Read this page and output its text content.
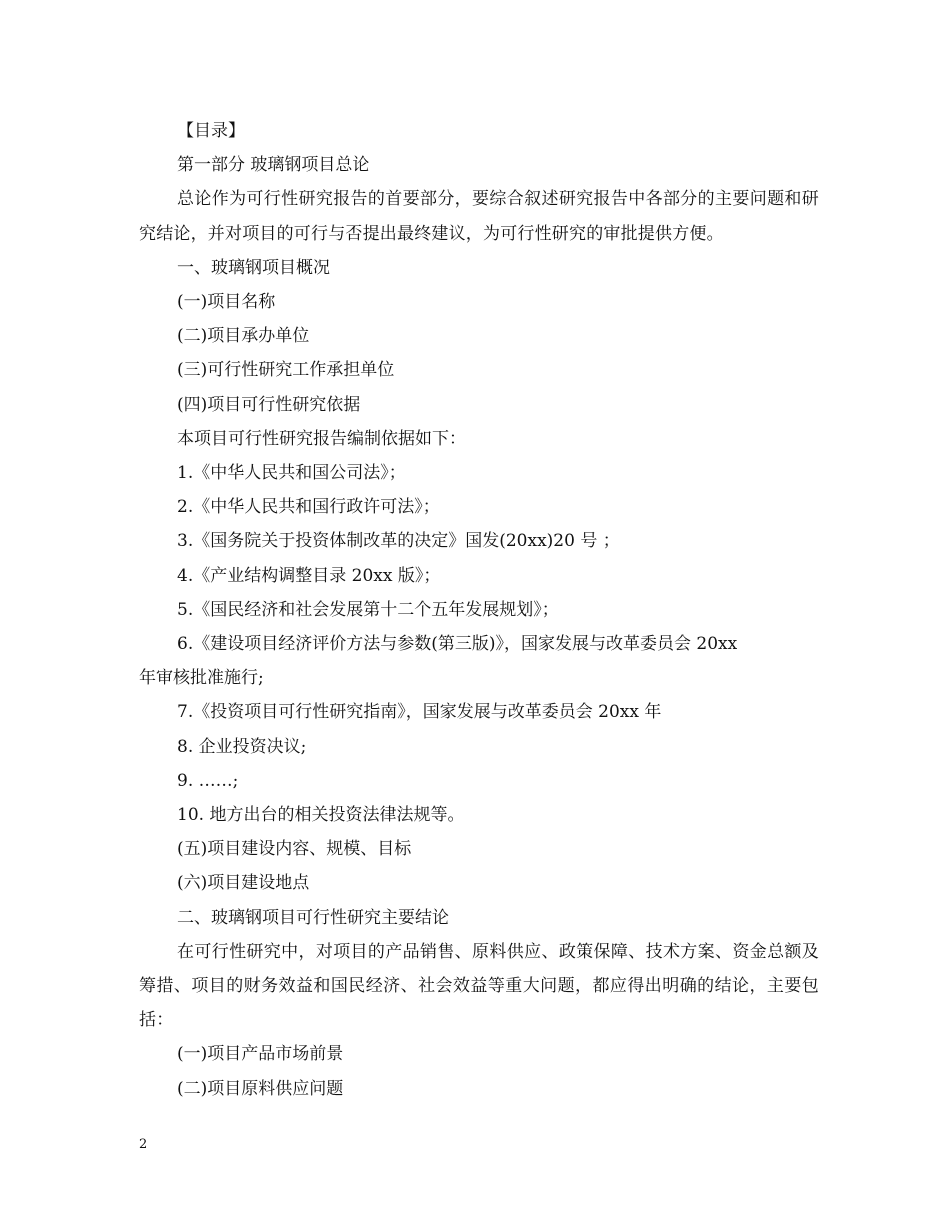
【目录】

第一部分 玻璃钢项目总论

总论作为可行性研究报告的首要部分，要综合叙述研究报告中各部分的主要问题和研究结论，并对项目的可行与否提出最终建议，为可行性研究的审批提供方便。

一、玻璃钢项目概况

(一)项目名称

(二)项目承办单位

(三)可行性研究工作承担单位

(四)项目可行性研究依据

本项目可行性研究报告编制依据如下：

1.《中华人民共和国公司法》；

2.《中华人民共和国行政许可法》；

3.《国务院关于投资体制改革的决定》国发(20xx)20 号 ；

4.《产业结构调整目录 20xx 版》；

5.《国民经济和社会发展第十二个五年发展规划》；

6.《建设项目经济评价方法与参数(第三版)》，国家发展与改革委员会 20xx

年审核批准施行;

7.《投资项目可行性研究指南》，国家发展与改革委员会 20xx 年

8. 企业投资决议;

9. ……;

10. 地方出台的相关投资法律法规等。

(五)项目建设内容、规模、目标

(六)项目建设地点

二、玻璃钢项目可行性研究主要结论

在可行性研究中，对项目的产品销售、原料供应、政策保障、技术方案、资金总额及筹措、项目的财务效益和国民经济、社会效益等重大问题，都应得出明确的结论，主要包括：

(一)项目产品市场前景

(二)项目原料供应问题

2
